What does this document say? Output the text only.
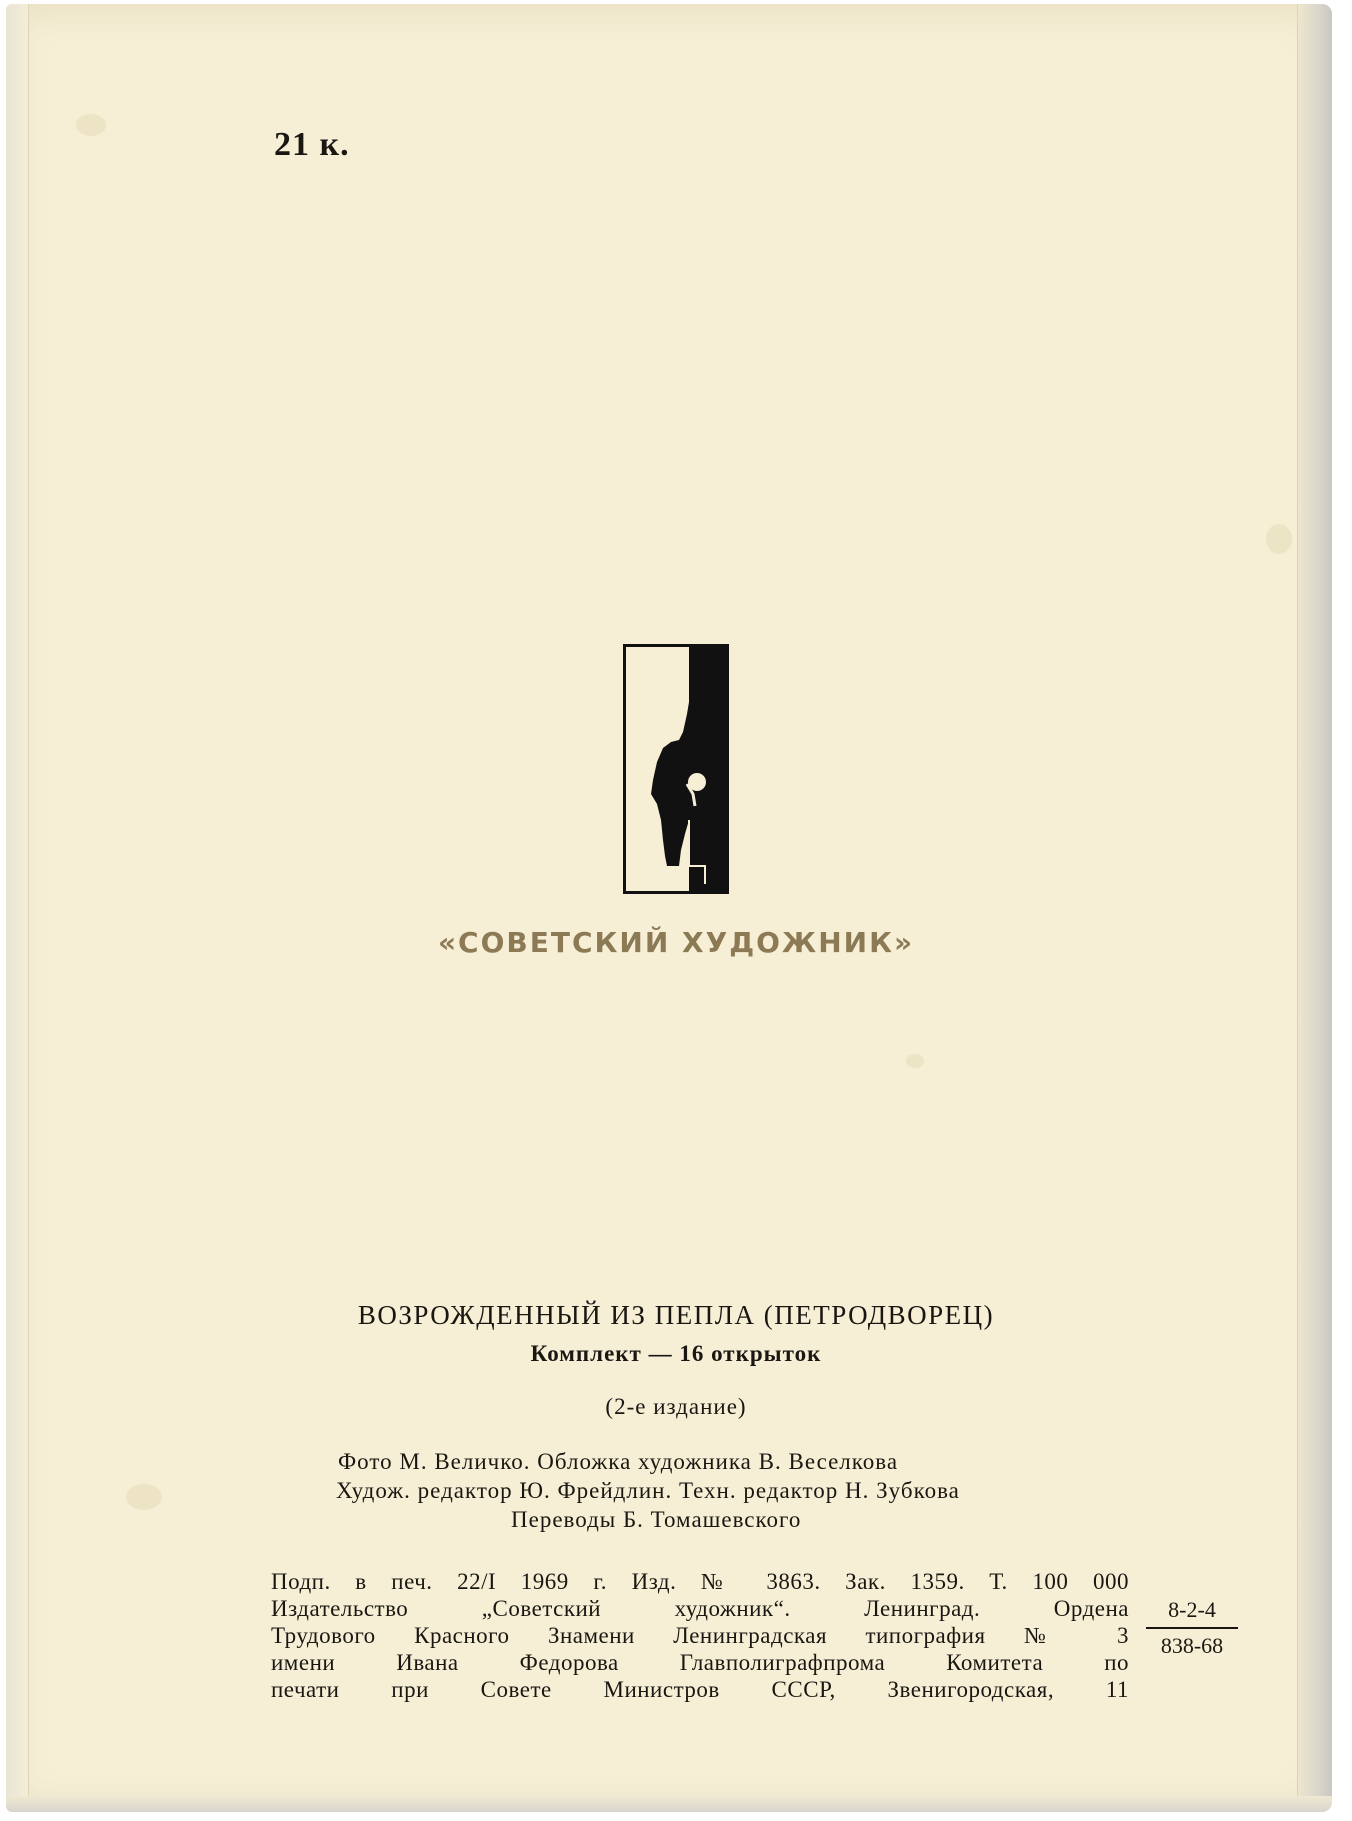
21 к.
«СОВЕТСКИЙ ХУДОЖНИК»
ВОЗРОЖДЕННЫЙ ИЗ ПЕПЛА (ПЕТРОДВОРЕЦ)
Комплект — 16 открыток
(2-е издание)
Фото М. Величко. Обложка художника В. Веселкова
Худож. редактор Ю. Фрейдлин. Техн. редактор Н. Зубкова
Переводы Б. Томашевского
Подп. в печ. 22/I 1969 г. Изд. № 3863. Зак. 1359. Т. 100 000
Издательство „Советский художник“. Ленинград. Ордена
Трудового Красного Знамени Ленинградская типография № 3
имени Ивана Федорова Главполиграфпрома Комитета по
печати при Совете Министров СССР, Звенигородская, 11
8-2-4
838-68
